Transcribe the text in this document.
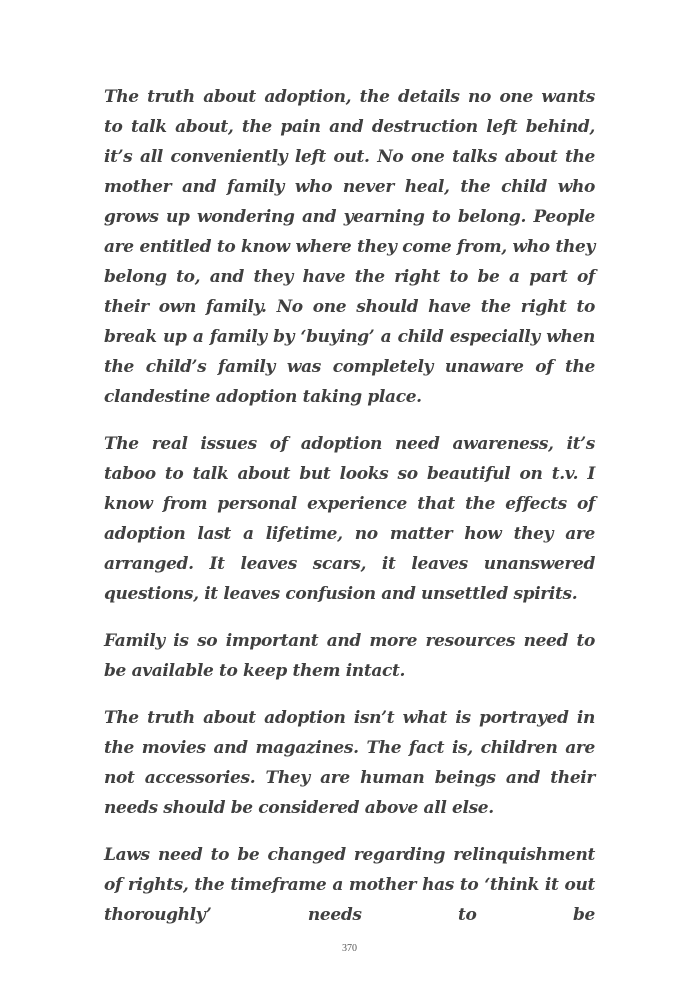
The truth about adoption, the details no one wants to talk about, the pain and destruction left behind, it’s all conveniently left out. No one talks about the mother and family who never heal, the child who grows up wondering and yearning to belong. People are entitled to know where they come from, who they belong to, and they have the right to be a part of their own family. No one should have the right to break up a family by ‘buying’ a child especially when the child’s family was completely unaware of the clandestine adoption taking place.

The real issues of adoption need awareness, it’s taboo to talk about but looks so beautiful on t.v. I know from personal experience that the effects of adoption last a lifetime, no matter how they are arranged. It leaves scars, it leaves unanswered questions, it leaves confusion and unsettled spirits.

Family is so important and more resources need to be available to keep them intact.

The truth about adoption isn’t what is portrayed in the movies and magazines. The fact is, children are not accessories. They are human beings and their needs should be considered above all else.

Laws need to be changed regarding relinquishment of rights, the timeframe a mother has to ‘think it out thoroughly’ needs to be

370
